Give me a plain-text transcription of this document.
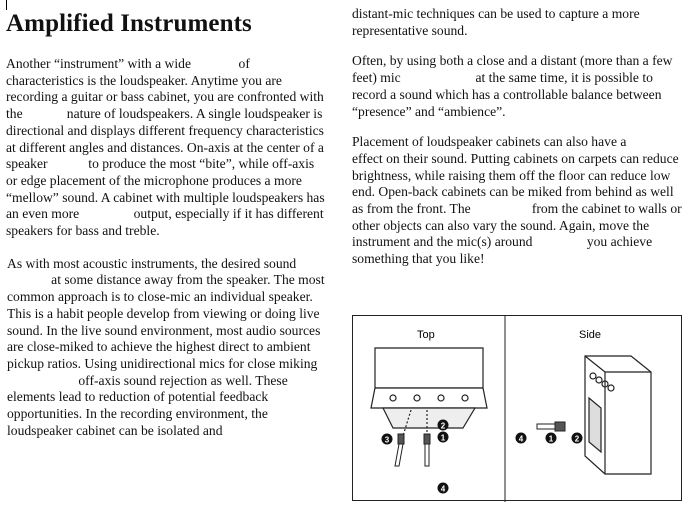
Amplified Instruments

Another “instrument” with a wide              of characteristics is the loudspeaker. Anytime you are recording a guitar or bass cabinet, you are confronted with the             nature of loudspeakers. A single loudspeaker is directional and displays different frequency characteristics at different angles and distances. On-axis at the center of a speaker            to produce the most “bite”, while off-axis or edge placement of the microphone produces a more “mellow” sound. A cabinet with multiple loudspeakers has an even more                output, especially if it has different speakers for bass and treble.

As with most acoustic instruments, the desired sound              at some distance away from the speaker. The most common approach is to close-mic an individual speaker. This is a habit people develop from viewing or doing live sound. In the live sound environment, most audio sources are close-miked to achieve the highest direct to ambient pickup ratios. Using unidirectional mics for close miking                      off-axis sound rejection as well. These elements lead to reduction of potential feedback opportunities. In the recording environment, the loudspeaker cabinet can be isolated and

distant-mic techniques can be used to capture a more representative sound.

Often, by using both a close and a distant (more than a few feet) mic                      at the same time, it is possible to record a sound which has a controllable balance between “presence” and “ambience”.

Placement of loudspeaker cabinets can also have a             effect on their sound. Putting cabinets on carpets can reduce brightness, while raising them off the floor can reduce low end. Open-back cabinets can be miked from behind as well as from the front. The                  from the cabinet to walls or other objects can also vary the sound. Again, move the instrument and the mic(s) around                you achieve something that you like!

Top
1
2
3
4
Side
4	1	2
